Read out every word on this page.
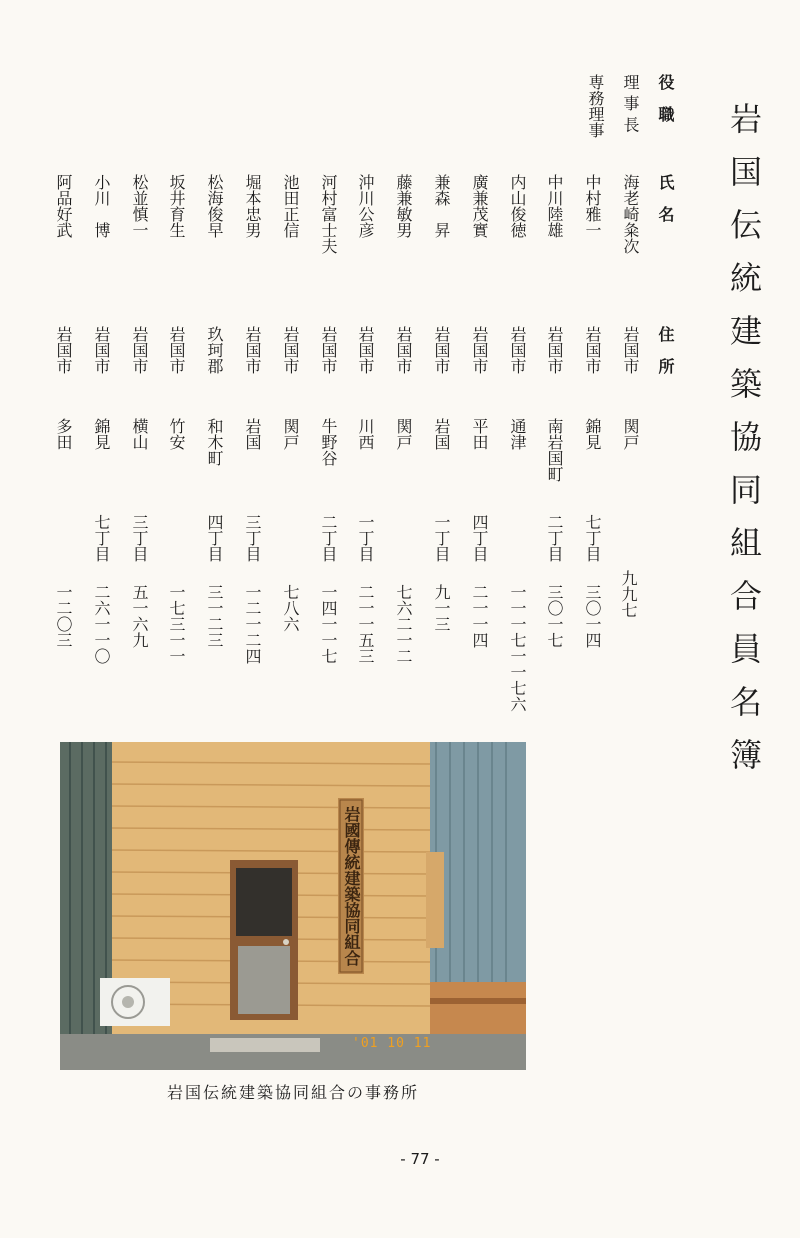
岩国伝統建築協同組合員名簿
役　職
氏　名
住　所
理 事 長
専務理事
海老崎粂次
岩国市
関戸
九九七
中村雅一
岩国市
錦見
七丁目
三〇一四
中川陸雄
岩国市
南岩国町
二丁目
三〇一七
内山俊徳
岩国市
通津
一一一七一一七六
廣兼茂實
岩国市
平田
四丁目
二一一四
兼森　昇
岩国市
岩国
一丁目
九一三
藤兼敏男
岩国市
関戸
七六二一二
沖川公彦
岩国市
川西
一丁目
二一一五三
河村富士夫
岩国市
牛野谷
二丁目
一四一一七
池田正信
岩国市
関戸
七八六
堀本忠男
岩国市
岩国
三丁目
一二一二四
松海俊早
玖珂郡
和木町
四丁目
三一二三
坂井育生
岩国市
竹安
一七三一一
松並慎一
岩国市
横山
三丁目
五一六九
小川　博
岩国市
錦見
七丁目
二六一一〇
阿品好武
岩国市
多田
一二〇三
岩國傳統建築協同組合
'01 10 11
岩国伝統建築協同組合の事務所
- 77 -
